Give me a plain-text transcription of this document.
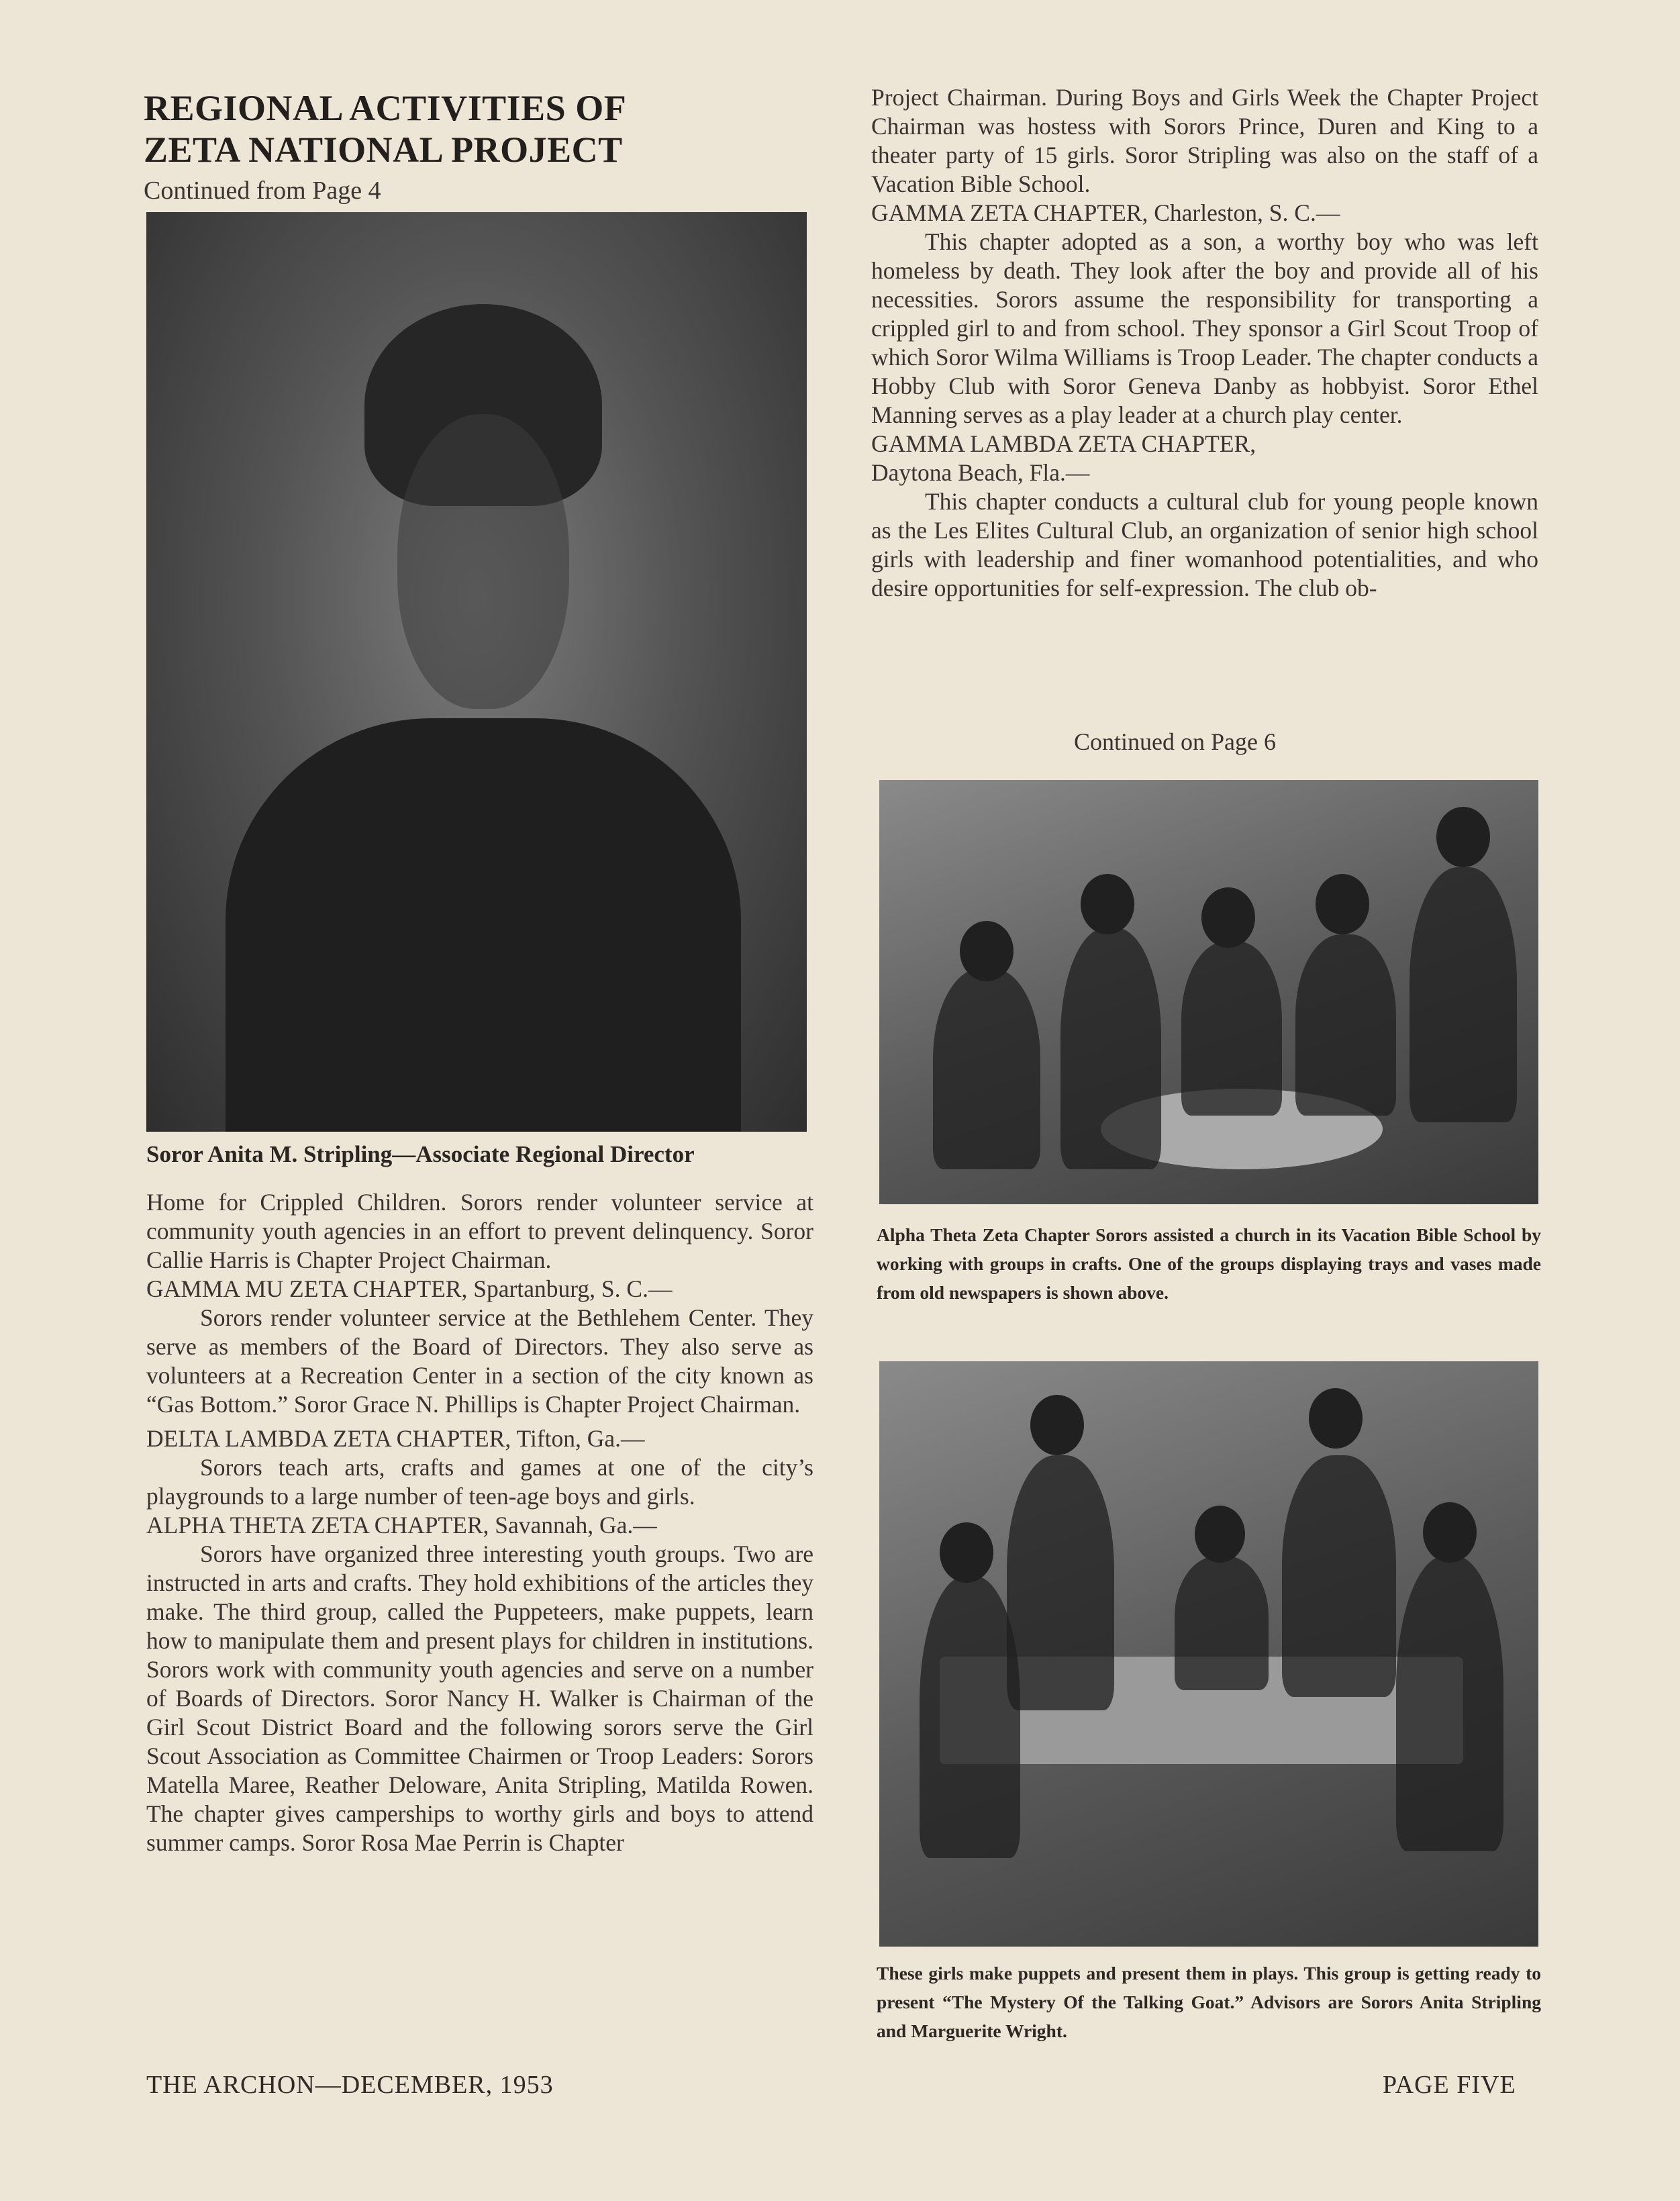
REGIONAL ACTIVITIES OF
ZETA NATIONAL PROJECT
Continued from Page 4
Soror Anita M. Stripling—Associate Regional Director

Home for Crippled Children. Sorors render volunteer service at community youth agencies in an effort to prevent delinquency. Soror Callie Harris is Chapter Project Chairman.

GAMMA MU ZETA CHAPTER, Spartanburg, S. C.—

Sorors render volunteer service at the Bethlehem Center. They serve as members of the Board of Directors. They also serve as volunteers at a Recreation Center in a section of the city known as “Gas Bottom.” Soror Grace N. Phillips is Chapter Project Chairman.

DELTA LAMBDA ZETA CHAPTER, Tifton, Ga.—

Sorors teach arts, crafts and games at one of the city’s playgrounds to a large number of teen-age boys and girls.

ALPHA THETA ZETA CHAPTER, Savannah, Ga.—

Sorors have organized three interesting youth groups. Two are instructed in arts and crafts. They hold exhibitions of the articles they make. The third group, called the Puppeteers, make puppets, learn how to manipulate them and present plays for children in institutions. Sorors work with community youth agencies and serve on a number of Boards of Directors. Soror Nancy H. Walker is Chairman of the Girl Scout District Board and the following sorors serve the Girl Scout Association as Committee Chairmen or Troop Leaders: Sorors Matella Maree, Reather Deloware, Anita Stripling, Matilda Rowen. The chapter gives camperships to worthy girls and boys to attend summer camps. Soror Rosa Mae Perrin is Chapter

Project Chairman. During Boys and Girls Week the Chapter Project Chairman was hostess with Sorors Prince, Duren and King to a theater party of 15 girls. Soror Stripling was also on the staff of a Vacation Bible School.

GAMMA ZETA CHAPTER, Charleston, S. C.—

This chapter adopted as a son, a worthy boy who was left homeless by death. They look after the boy and provide all of his necessities. Sorors assume the responsibility for transporting a crippled girl to and from school. They sponsor a Girl Scout Troop of which Soror Wilma Williams is Troop Leader. The chapter conducts a Hobby Club with Soror Geneva Danby as hobbyist. Soror Ethel Manning serves as a play leader at a church play center.

GAMMA LAMBDA ZETA CHAPTER,

Daytona Beach, Fla.—

This chapter conducts a cultural club for young people known as the Les Elites Cultural Club, an organization of senior high school girls with leadership and finer womanhood potentialities, and who desire opportunities for self-expression. The club ob-

Continued on Page 6
Alpha Theta Zeta Chapter Sorors assisted a church in its Vacation Bible School by working with groups in crafts. One of the groups displaying trays and vases made from old newspapers is shown above.
These girls make puppets and present them in plays. This group is getting ready to present “The Mystery Of the Talking Goat.” Advisors are Sorors Anita Stripling and Marguerite Wright.
THE ARCHON—DECEMBER, 1953	PAGE FIVE
